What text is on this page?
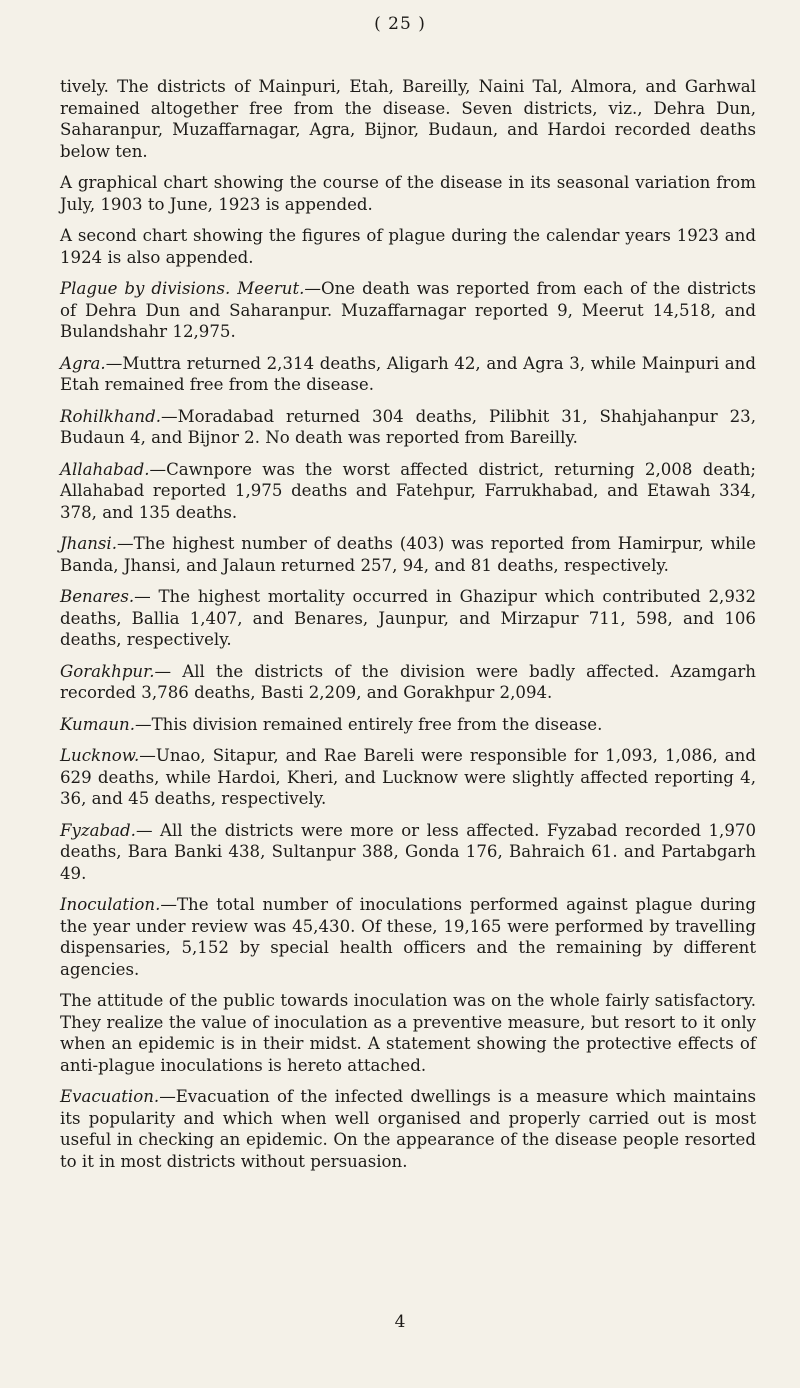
( 25 )

tively. The districts of Mainpuri, Etah, Bareilly, Naini Tal, Almora, and Garhwal remained altogether free from the disease. Seven districts, viz., Dehra Dun, Saharanpur, Muzaffarnagar, Agra, Bijnor, Budaun, and Hardoi recorded deaths below ten.

A graphical chart showing the course of the disease in its seasonal variation from July, 1903 to June, 1923 is appended.

A second chart showing the figures of plague during the calendar years 1923 and 1924 is also appended.

Plague by divisions. Meerut.—One death was reported from each of the districts of Dehra Dun and Saharanpur. Muzaffarnagar reported 9, Meerut 14,518, and Bulandshahr 12,975.

Agra.—Muttra returned 2,314 deaths, Aligarh 42, and Agra 3, while Mainpuri and Etah remained free from the disease.

Rohilkhand.—Moradabad returned 304 deaths, Pilibhit 31, Shahjahanpur 23, Budaun 4, and Bijnor 2. No death was reported from Bareilly.

Allahabad.—Cawnpore was the worst affected district, returning 2,008 death; Allahabad reported 1,975 deaths and Fatehpur, Farrukhabad, and Etawah 334, 378, and 135 deaths.

Jhansi.—The highest number of deaths (403) was reported from Hamirpur, while Banda, Jhansi, and Jalaun returned 257, 94, and 81 deaths, respectively.

Benares.— The highest mortality occurred in Ghazipur which contributed 2,932 deaths, Ballia 1,407, and Benares, Jaunpur, and Mirzapur 711, 598, and 106 deaths, respectively.

Gorakhpur.— All the districts of the division were badly affected. Azamgarh recorded 3,786 deaths, Basti 2,209, and Gorakhpur 2,094.

Kumaun.—This division remained entirely free from the disease.

Lucknow.—Unao, Sitapur, and Rae Bareli were responsible for 1,093, 1,086, and 629 deaths, while Hardoi, Kheri, and Lucknow were slightly affected reporting 4, 36, and 45 deaths, respectively.

Fyzabad.— All the districts were more or less affected. Fyzabad recorded 1,970 deaths, Bara Banki 438, Sultanpur 388, Gonda 176, Bahraich 61. and Partabgarh 49.

Inoculation.—The total number of inoculations performed against plague during the year under review was 45,430. Of these, 19,165 were performed by travelling dispensaries, 5,152 by special health officers and the remaining by different agencies.

The attitude of the public towards inoculation was on the whole fairly satisfactory. They realize the value of inoculation as a preventive measure, but resort to it only when an epidemic is in their midst. A statement showing the protective effects of anti-plague inoculations is hereto attached.

Evacuation.—Evacuation of the infected dwellings is a measure which maintains its popularity and which when well organised and properly carried out is most useful in checking an epidemic. On the appearance of the disease people resorted to it in most districts without persuasion.

4
